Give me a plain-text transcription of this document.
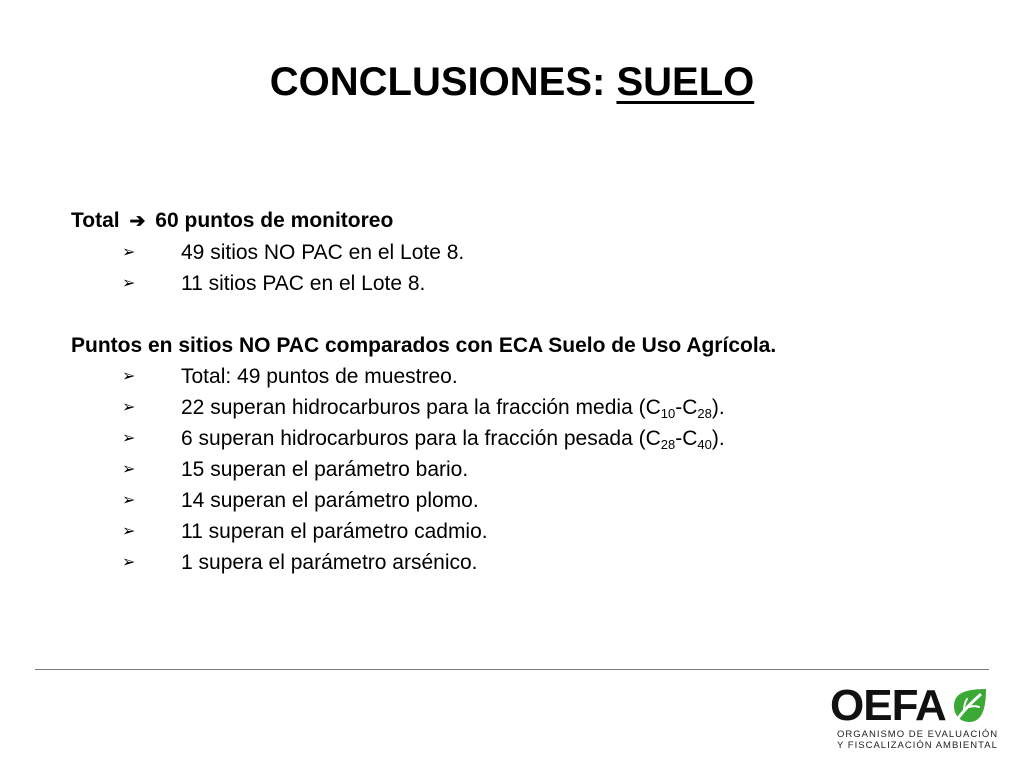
CONCLUSIONES: SUELO
Total ➔ 60 puntos de monitoreo
➢ 49 sitios NO PAC en el Lote 8.
➢ 11 sitios PAC en el Lote 8.
Puntos en sitios NO PAC comparados con ECA Suelo de Uso Agrícola.
➢ Total: 49 puntos de muestreo.
➢ 22 superan hidrocarburos para la fracción media $(C_{10}-C_{28})$.
➢ 6 superan hidrocarburos para la fracción pesada $(C_{28}-C_{40})$.
➢ 15 superan el parámetro bario.
➢ 14 superan el parámetro plomo.
➢ 11 superan el parámetro cadmio.
➢ 1 supera el parámetro arsénico.
OEFA
ORGANISMO DE EVALUACIÓN
Y FISCALIZACIÓN AMBIENTAL
